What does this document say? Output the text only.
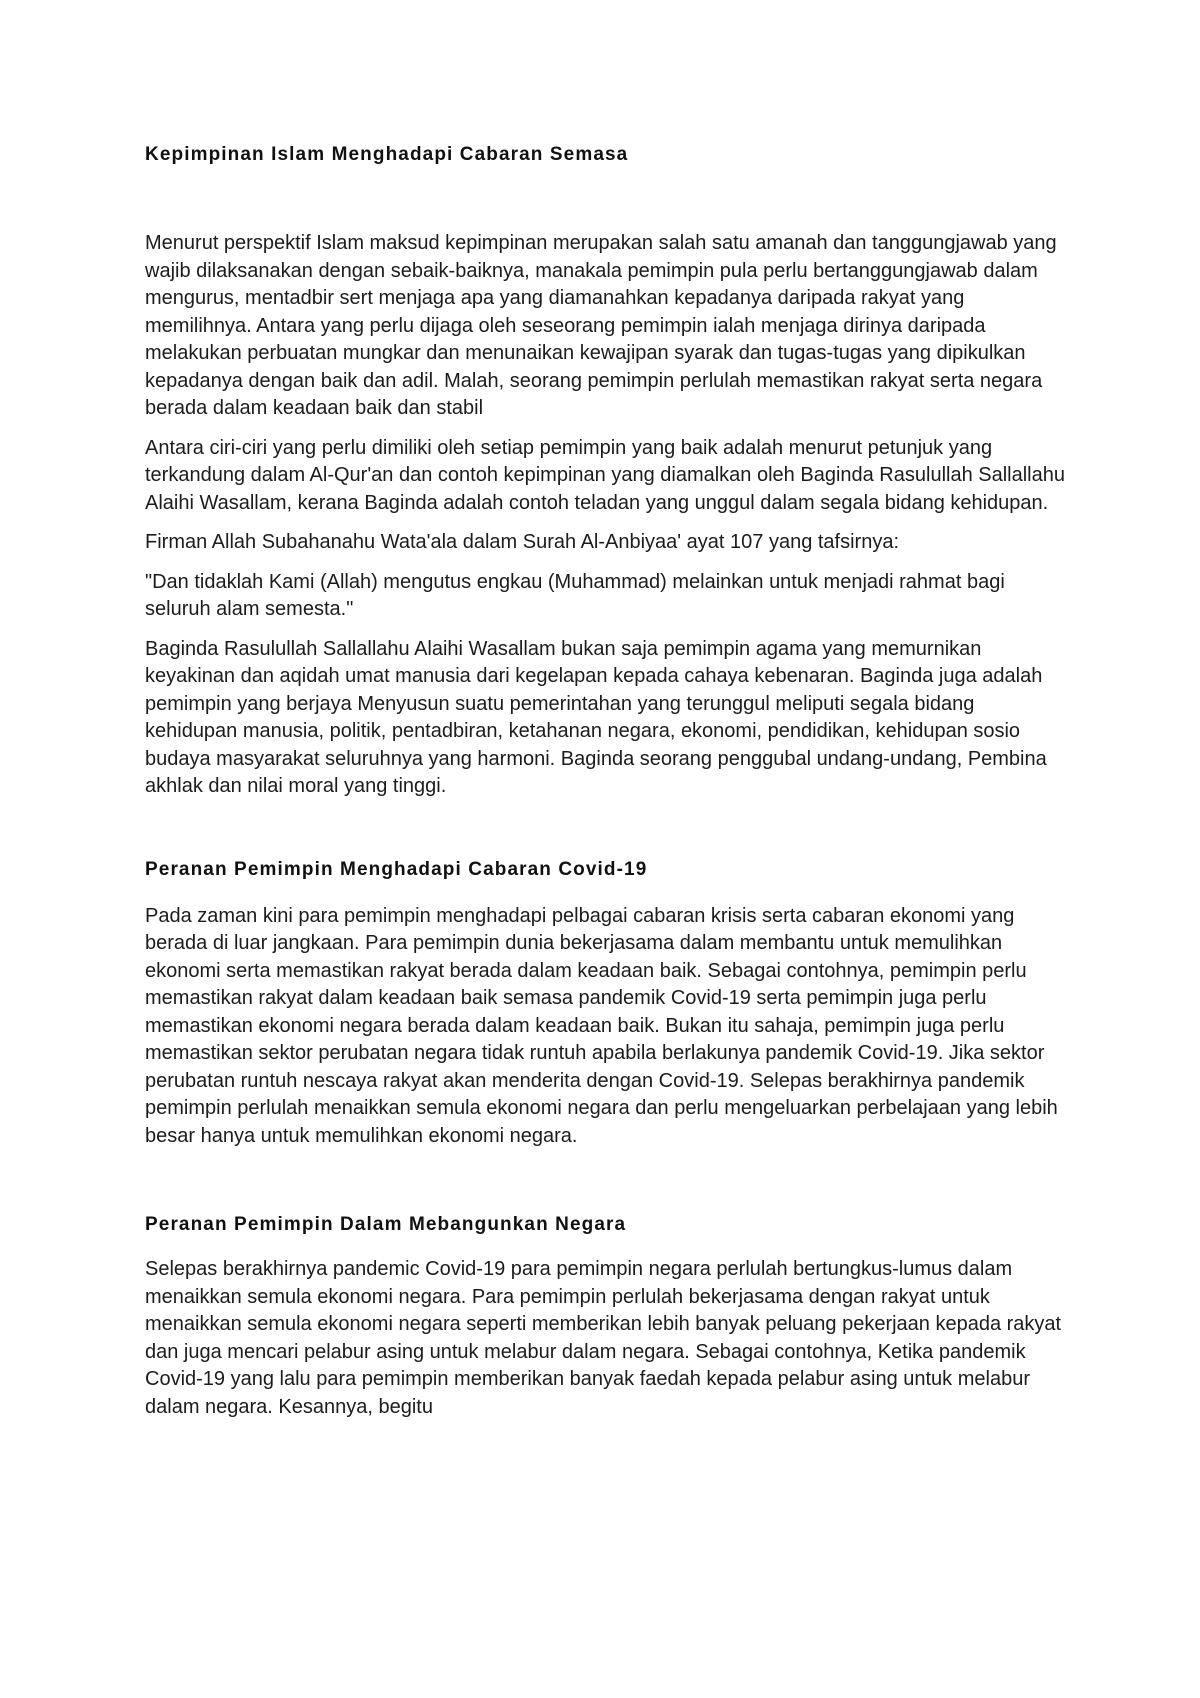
Kepimpinan Islam Menghadapi Cabaran Semasa

Menurut perspektif Islam maksud kepimpinan merupakan salah satu amanah dan tanggungjawab yang wajib dilaksanakan dengan sebaik-baiknya, manakala pemimpin pula perlu bertanggungjawab dalam mengurus, mentadbir sert menjaga apa yang diamanahkan kepadanya daripada rakyat yang memilihnya. Antara yang perlu dijaga oleh seseorang pemimpin ialah menjaga dirinya daripada melakukan perbuatan mungkar dan menunaikan kewajipan syarak dan tugas-tugas yang dipikulkan kepadanya dengan baik dan adil. Malah, seorang pemimpin perlulah memastikan rakyat serta negara berada dalam keadaan baik dan stabil

Antara ciri-ciri yang perlu dimiliki oleh setiap pemimpin yang baik adalah menurut petunjuk yang terkandung dalam Al-Qur'an dan contoh kepimpinan yang diamalkan oleh Baginda Rasulullah Sallallahu Alaihi Wasallam, kerana Baginda adalah contoh teladan yang unggul dalam segala bidang kehidupan.

Firman Allah Subahanahu Wata'ala dalam Surah Al-Anbiyaa' ayat 107 yang tafsirnya:

"Dan tidaklah Kami (Allah) mengutus engkau (Muhammad) melainkan untuk menjadi rahmat bagi seluruh alam semesta."

Baginda Rasulullah Sallallahu Alaihi Wasallam bukan saja pemimpin agama yang memurnikan keyakinan dan aqidah umat manusia dari kegelapan kepada cahaya kebenaran. Baginda juga adalah pemimpin yang berjaya Menyusun suatu pemerintahan yang terunggul meliputi segala bidang kehidupan manusia, politik, pentadbiran, ketahanan negara, ekonomi, pendidikan, kehidupan sosio budaya masyarakat seluruhnya yang harmoni. Baginda seorang penggubal undang-undang, Pembina akhlak dan nilai moral yang tinggi.

Peranan Pemimpin Menghadapi Cabaran Covid-19

Pada zaman kini para pemimpin menghadapi pelbagai cabaran krisis serta cabaran ekonomi yang berada di luar jangkaan. Para pemimpin dunia bekerjasama dalam membantu untuk memulihkan ekonomi serta memastikan rakyat berada dalam keadaan baik. Sebagai contohnya, pemimpin perlu memastikan rakyat dalam keadaan baik semasa pandemik Covid-19 serta pemimpin juga perlu memastikan ekonomi negara berada dalam keadaan baik. Bukan itu sahaja, pemimpin juga perlu memastikan sektor perubatan negara tidak runtuh apabila berlakunya pandemik Covid-19. Jika sektor perubatan runtuh nescaya rakyat akan menderita dengan Covid-19. Selepas berakhirnya pandemik pemimpin perlulah menaikkan semula ekonomi negara dan perlu mengeluarkan perbelajaan yang lebih besar hanya untuk memulihkan ekonomi negara.

Peranan Pemimpin Dalam Mebangunkan Negara

Selepas berakhirnya pandemic Covid-19 para pemimpin negara perlulah bertungkus-lumus dalam menaikkan semula ekonomi negara. Para pemimpin perlulah bekerjasama dengan rakyat untuk menaikkan semula ekonomi negara seperti memberikan lebih banyak peluang pekerjaan kepada rakyat dan juga mencari pelabur asing untuk melabur dalam negara. Sebagai contohnya, Ketika pandemik Covid-19 yang lalu para pemimpin memberikan banyak faedah kepada pelabur asing untuk melabur dalam negara. Kesannya, begitu
